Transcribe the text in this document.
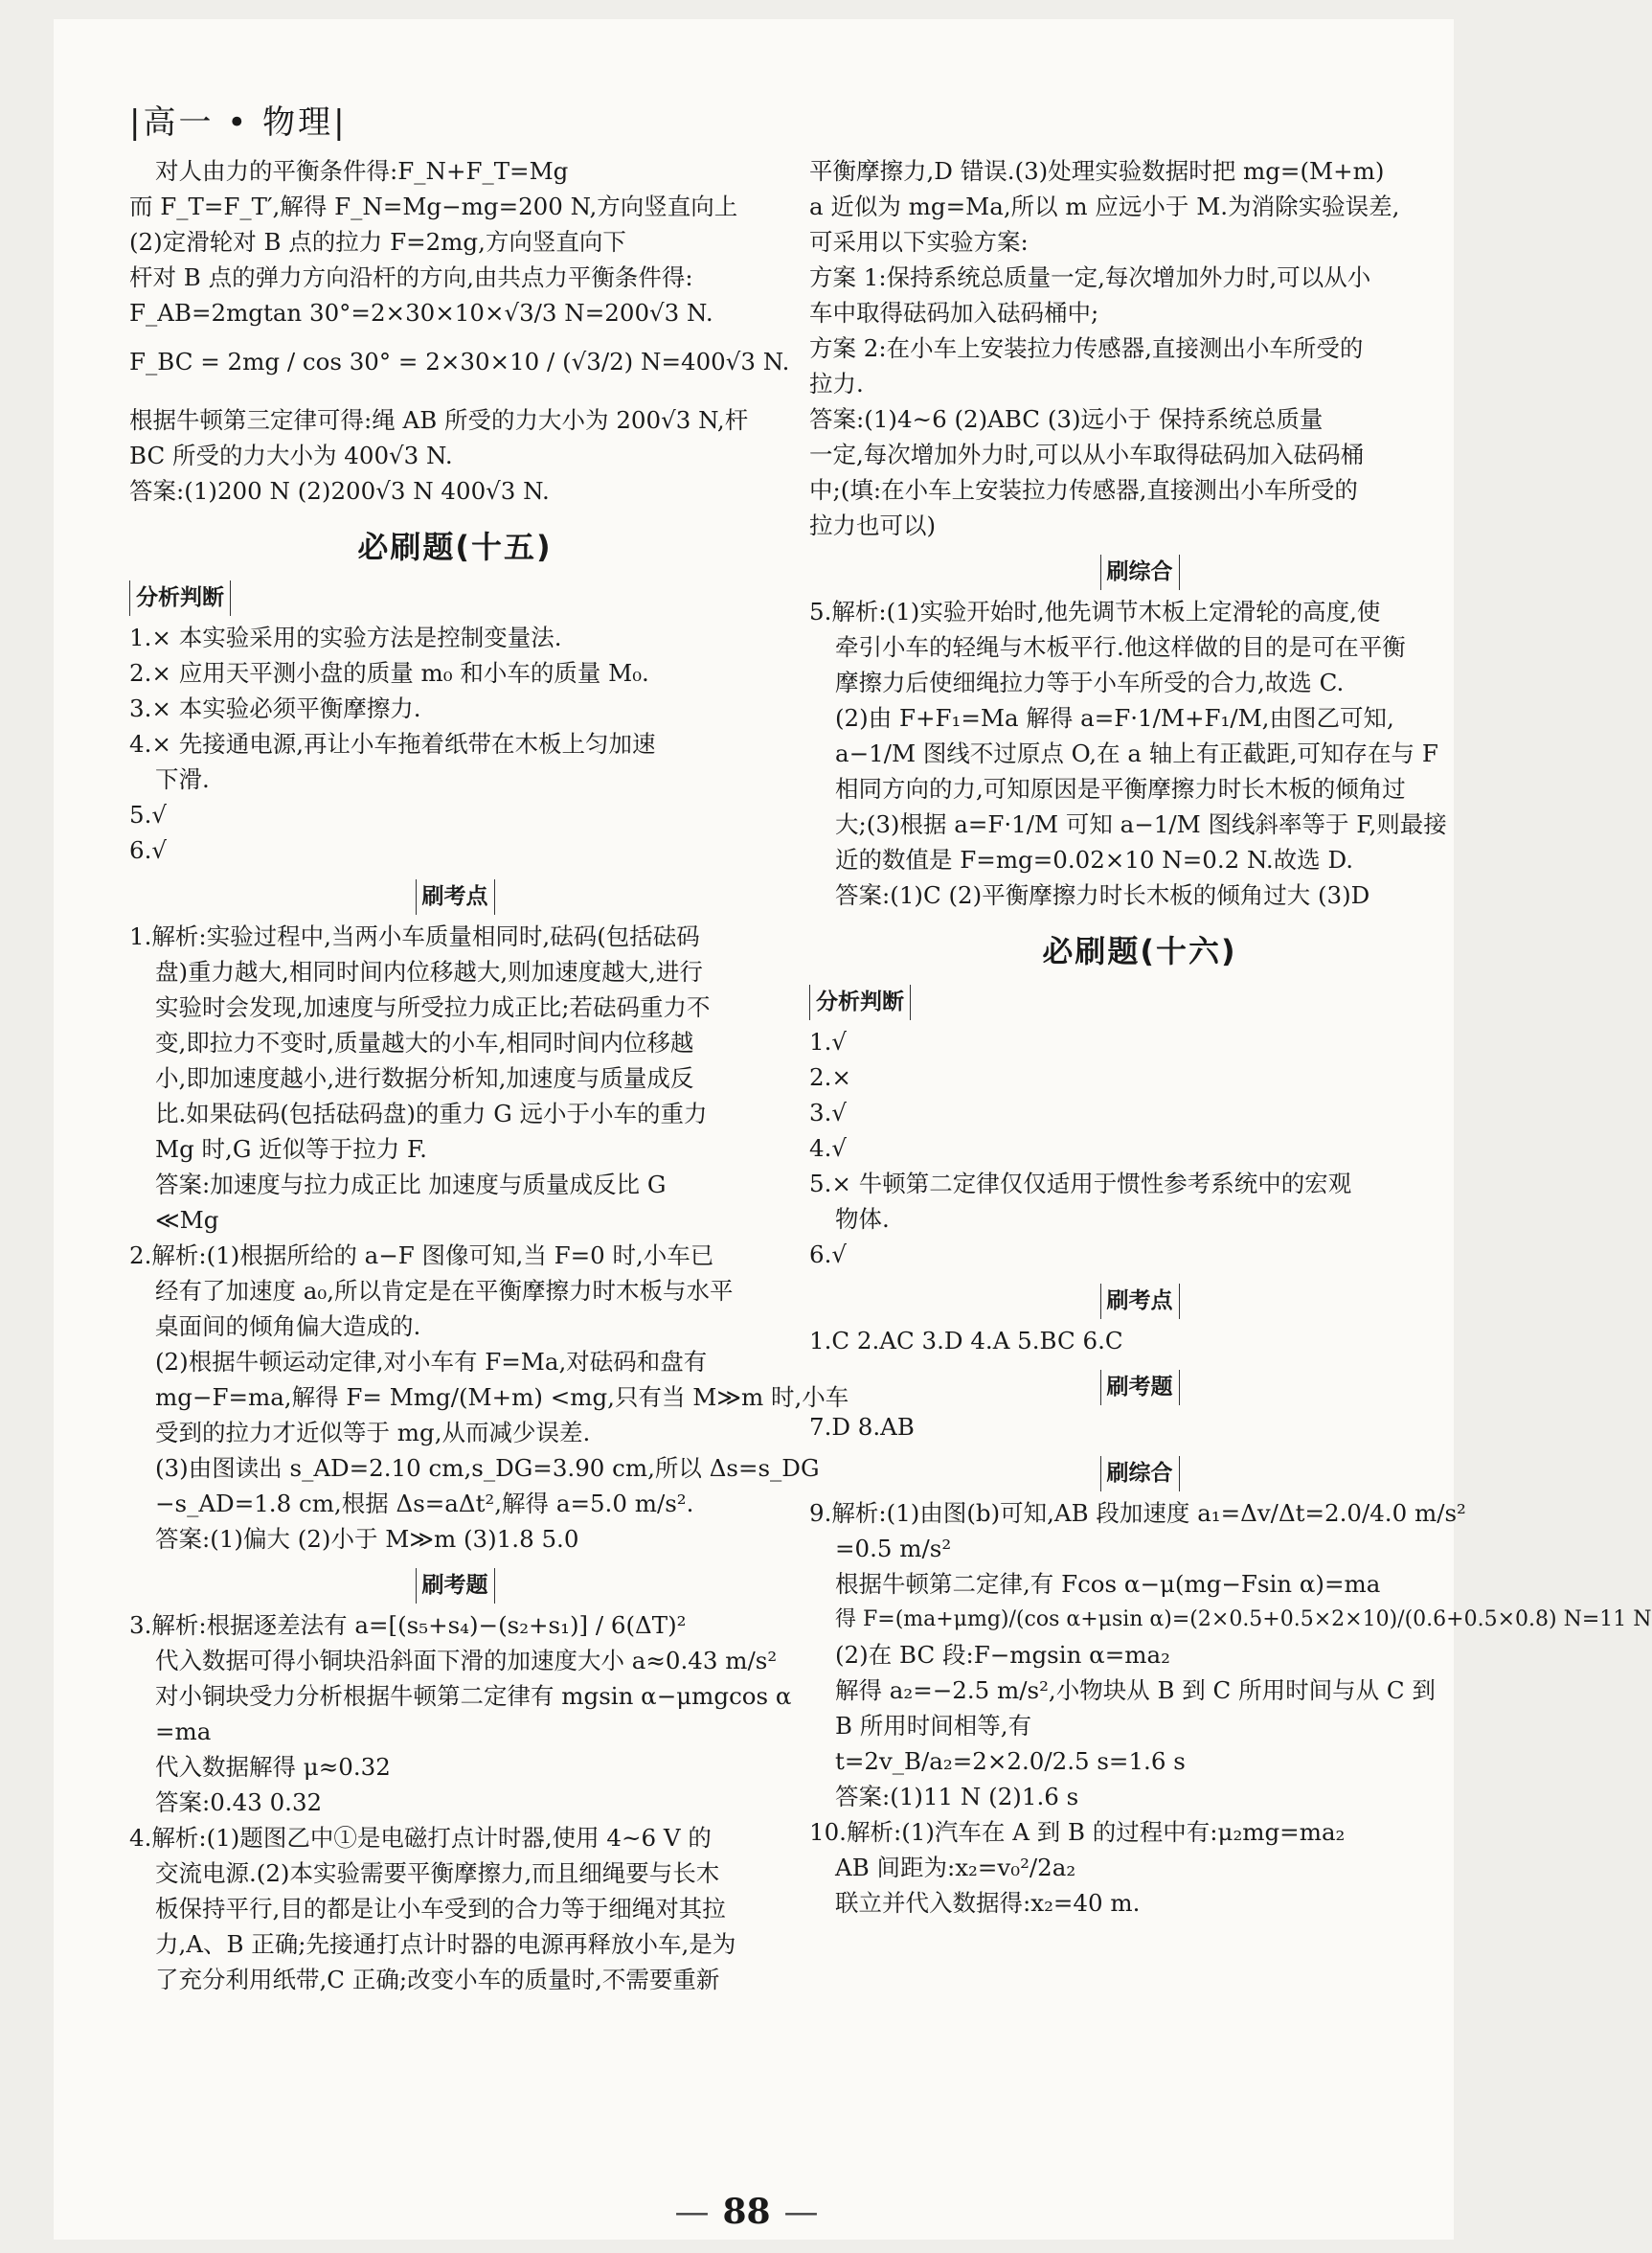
|高一 • 物理|
对人由力的平衡条件得:F_N+F_T=Mg
而 F_T=F_T′,解得 F_N=Mg−mg=200 N,方向竖直向上
(2)定滑轮对 B 点的拉力 F=2mg,方向竖直向下
杆对 B 点的弹力方向沿杆的方向,由共点力平衡条件得:
F_AB=2mgtan 30°=2×30×10×√3/3 N=200√3 N.
F_BC = 2mg / cos 30° = 2×30×10 / (√3/2) N=400√3 N.
根据牛顿第三定律可得:绳 AB 所受的力大小为 200√3 N,杆
BC 所受的力大小为 400√3 N.
答案:(1)200 N (2)200√3 N 400√3 N.
必刷题(十五)
分析判断
1.× 本实验采用的实验方法是控制变量法.
2.× 应用天平测小盘的质量 m₀ 和小车的质量 M₀.
3.× 本实验必须平衡摩擦力.
4.× 先接通电源,再让小车拖着纸带在木板上匀加速
下滑.
5.√
6.√
刷考点
1.解析:实验过程中,当两小车质量相同时,砝码(包括砝码
盘)重力越大,相同时间内位移越大,则加速度越大,进行
实验时会发现,加速度与所受拉力成正比;若砝码重力不
变,即拉力不变时,质量越大的小车,相同时间内位移越
小,即加速度越小,进行数据分析知,加速度与质量成反
比.如果砝码(包括砝码盘)的重力 G 远小于小车的重力
Mg 时,G 近似等于拉力 F.
答案:加速度与拉力成正比 加速度与质量成反比 G
≪Mg
2.解析:(1)根据所给的 a−F 图像可知,当 F=0 时,小车已
经有了加速度 a₀,所以肯定是在平衡摩擦力时木板与水平
桌面间的倾角偏大造成的.
(2)根据牛顿运动定律,对小车有 F=Ma,对砝码和盘有
mg−F=ma,解得 F= Mmg/(M+m) <mg,只有当 M≫m 时,小车
受到的拉力才近似等于 mg,从而减少误差.
(3)由图读出 s_AD=2.10 cm,s_DG=3.90 cm,所以 Δs=s_DG
−s_AD=1.8 cm,根据 Δs=aΔt²,解得 a=5.0 m/s².
答案:(1)偏大 (2)小于 M≫m (3)1.8 5.0
刷考题
3.解析:根据逐差法有 a=[(s₅+s₄)−(s₂+s₁)] / 6(ΔT)²
代入数据可得小铜块沿斜面下滑的加速度大小 a≈0.43 m/s²
对小铜块受力分析根据牛顿第二定律有 mgsin α−μmgcos α
=ma
代入数据解得 μ≈0.32
答案:0.43 0.32
4.解析:(1)题图乙中①是电磁打点计时器,使用 4~6 V 的
交流电源.(2)本实验需要平衡摩擦力,而且细绳要与长木
板保持平行,目的都是让小车受到的合力等于细绳对其拉
力,A、B 正确;先接通打点计时器的电源再释放小车,是为
了充分利用纸带,C 正确;改变小车的质量时,不需要重新
平衡摩擦力,D 错误.(3)处理实验数据时把 mg=(M+m)
a 近似为 mg=Ma,所以 m 应远小于 M.为消除实验误差,
可采用以下实验方案:
方案 1:保持系统总质量一定,每次增加外力时,可以从小
车中取得砝码加入砝码桶中;
方案 2:在小车上安装拉力传感器,直接测出小车所受的
拉力.
答案:(1)4~6 (2)ABC (3)远小于 保持系统总质量
一定,每次增加外力时,可以从小车取得砝码加入砝码桶
中;(填:在小车上安装拉力传感器,直接测出小车所受的
拉力也可以)
刷综合
5.解析:(1)实验开始时,他先调节木板上定滑轮的高度,使
牵引小车的轻绳与木板平行.他这样做的目的是可在平衡
摩擦力后使细绳拉力等于小车所受的合力,故选 C.
(2)由 F+F₁=Ma 解得 a=F·1/M+F₁/M,由图乙可知,
a−1/M 图线不过原点 O,在 a 轴上有正截距,可知存在与 F
相同方向的力,可知原因是平衡摩擦力时长木板的倾角过
大;(3)根据 a=F·1/M 可知 a−1/M 图线斜率等于 F,则最接
近的数值是 F=mg=0.02×10 N=0.2 N.故选 D.
答案:(1)C (2)平衡摩擦力时长木板的倾角过大 (3)D
必刷题(十六)
分析判断
1.√
2.×
3.√
4.√
5.× 牛顿第二定律仅仅适用于惯性参考系统中的宏观
物体.
6.√
刷考点
1.C 2.AC 3.D 4.A 5.BC 6.C
刷考题
7.D 8.AB
刷综合
9.解析:(1)由图(b)可知,AB 段加速度 a₁=Δv/Δt=2.0/4.0 m/s²
=0.5 m/s²
根据牛顿第二定律,有 Fcos α−μ(mg−Fsin α)=ma
得 F=(ma+μmg)/(cos α+μsin α)=(2×0.5+0.5×2×10)/(0.6+0.5×0.8) N=11 N
(2)在 BC 段:F−mgsin α=ma₂
解得 a₂=−2.5 m/s²,小物块从 B 到 C 所用时间与从 C 到
B 所用时间相等,有
t=2v_B/a₂=2×2.0/2.5 s=1.6 s
答案:(1)11 N (2)1.6 s
10.解析:(1)汽车在 A 到 B 的过程中有:μ₂mg=ma₂
AB 间距为:x₂=v₀²/2a₂
联立并代入数据得:x₂=40 m.
— 88 —
